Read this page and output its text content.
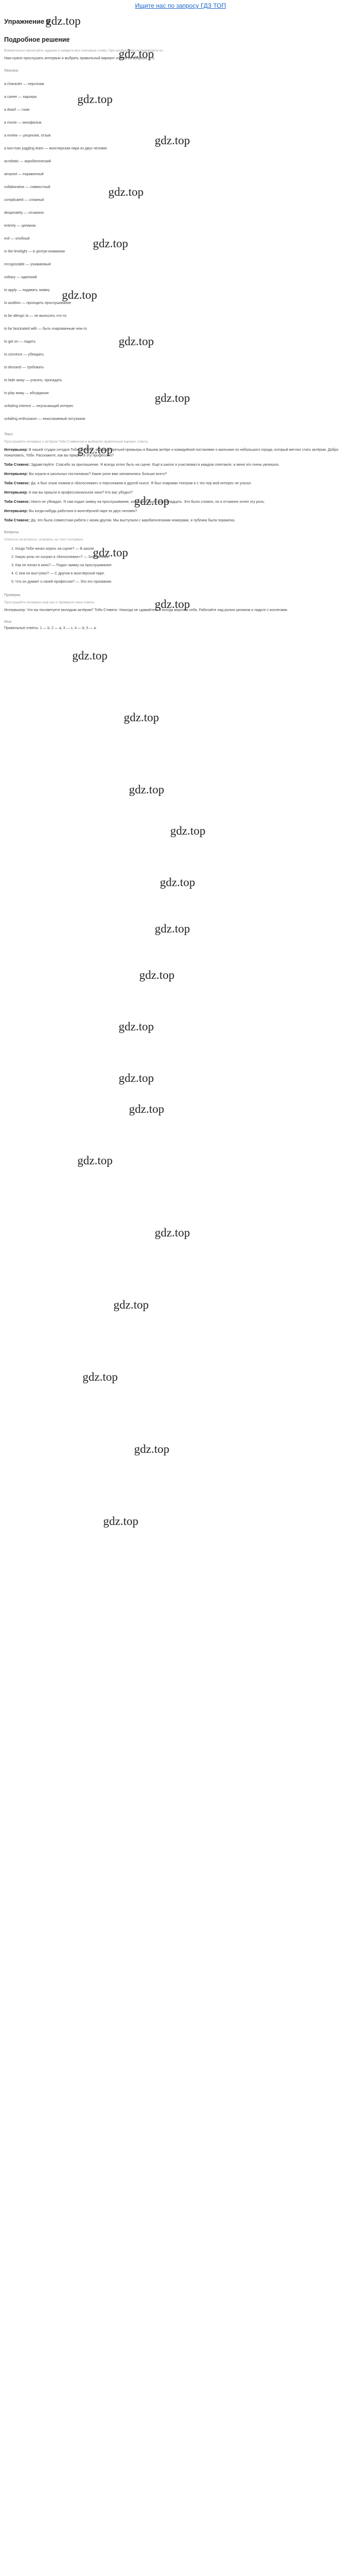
Ищите нас по запросу ГДЗ ТОП
Упражнение 5
gdz.top
gdz.top
gdz.top
gdz.top
gdz.top
gdz.top
gdz.top
gdz.top
gdz.top
gdz.top
gdz.top
gdz.top
gdz.top
gdz.top
gdz.top
gdz.top
gdz.top
gdz.top
gdz.top
gdz.top
gdz.top
gdz.top
gdz.top
gdz.top
gdz.top
gdz.top
gdz.top
gdz.top
gdz.top
Подробное решение
Внимательно прочитайте задание и найдите все ключевые слова. При необходимости переведите их.
Нам нужно прослушать интервью и выбрать правильный вариант ответа на вопросы 1–5.
Лексика:
a character — персонаж
a career — карьера
a dwarf — гном
a movie — кинофильм
a review — рецензия, отзыв
a two-man juggling team — жонглерская пара из двух человек
acrobatic — акробатический
amazed — пораженный
collaborative — совместный
complicated — сложный
desperately — отчаянно
entirely — целиком
evil — злобный
in the limelight — в центре внимания
recognizable — узнаваемый
solitary — одинокий
to apply — подавать заявку
to audition — проходить прослушивание
to be allergic to — не выносить что-то
to be fascinated with — быть очарованным чем-то
to get on — ладить
to convince — убеждать
to demand — требовать
to fade away — угасать, пропадать
to play away — абсурдным
unfading interest — неугасающий интерес
unfailing enthusiasm — неиссякаемый энтузиазм
Текст
Прослушайте интервью с актёром Тоби Стивенсом и выберите правильный вариант ответа.
Интервьюер: В нашей студии сегодня Тоби Стивенс, ведущий третьей премьеры в Вашем актёре и комедийной постановке о мальчике из небольшого города, который мечтал стать актёром. Добро пожаловать, Тоби. Расскажите, как вы пришли в эту профессию?
Тоби Стивенс: Здравствуйте. Спасибо за приглашение. Я всегда хотел быть на сцене. Ещё в школе я участвовал в каждом спектакле, и меня это очень увлекало.
Интервьюер: Вы играли в школьных постановках? Какие роли вам запомнились больше всего?
Тоби Стивенс: Да, я был злым гномом в «Белоснежке» и персонажем в другой пьесе. Я был очарован театром и с тех пор мой интерес не угасал.
Интервьюер: А как вы пришли в профессиональное кино? Кто вас убедил?
Тоби Стивенс: Никто не убеждал. Я сам подал заявку на прослушивание, когда мне было восемнадцать. Это было сложно, но я отчаянно хотел эту роль.
Интервьюер: Вы когда-нибудь работали в жонглёрской паре из двух человек?
Тоби Стивенс: Да, это была совместная работа с моим другом. Мы выступали с акробатическими номерами, и публика была поражена.
Вопросы
Ответьте на вопросы, опираясь на текст интервью.
1. Когда Тоби начал играть на сцене? — В школе.
2. Какую роль он сыграл в «Белоснежке»? — Злого гнома.
3. Как он попал в кино? — Подал заявку на прослушивание.
4. С кем он выступал? — С другом в жонглёрской паре.
5. Что он думает о своей профессии? — Это его призвание.
Проверка
Прослушайте интервью ещё раз и проверьте свои ответы.
Интервьюер: Что вы посоветуете молодым актёрам? Тоби Стивенс: Никогда не сдавайтесь и всегда верьте в себя. Работайте над ролью целиком и ладьте с коллегами.
Итог
Правильные ответы: 1 — b, 2 — a, 3 — c, 4 — b, 5 — a.
